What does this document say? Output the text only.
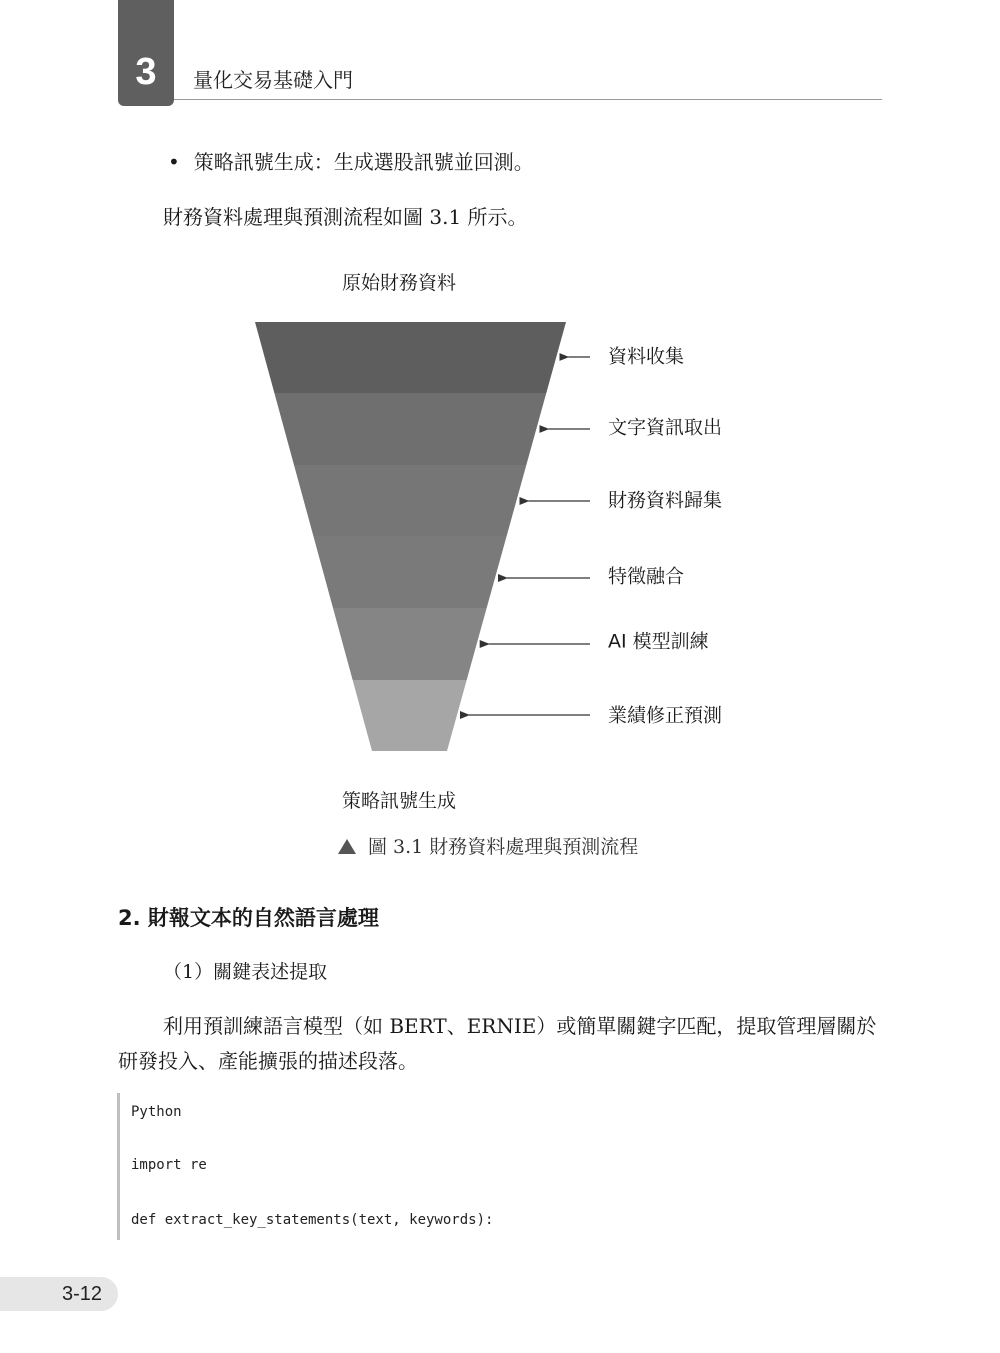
3 量化交易基礎入門
• 策略訊號生成：生成選股訊號並回測。
財務資料處理與預測流程如圖 3.1 所示。
原始財務資料
資料收集
文字資訊取出
財務資料歸集
特徵融合
AI 模型訓練
業績修正預測
策略訊號生成
圖 3.1 財務資料處理與預測流程
2. 財報文本的自然語言處理
（1）關鍵表述提取
利用預訓練語言模型（如 BERT、ERNIE）或簡單關鍵字匹配，提取管理層關於研發投入、產能擴張的描述段落。
Python
import re
def extract_key_statements(text, keywords):
3-12
